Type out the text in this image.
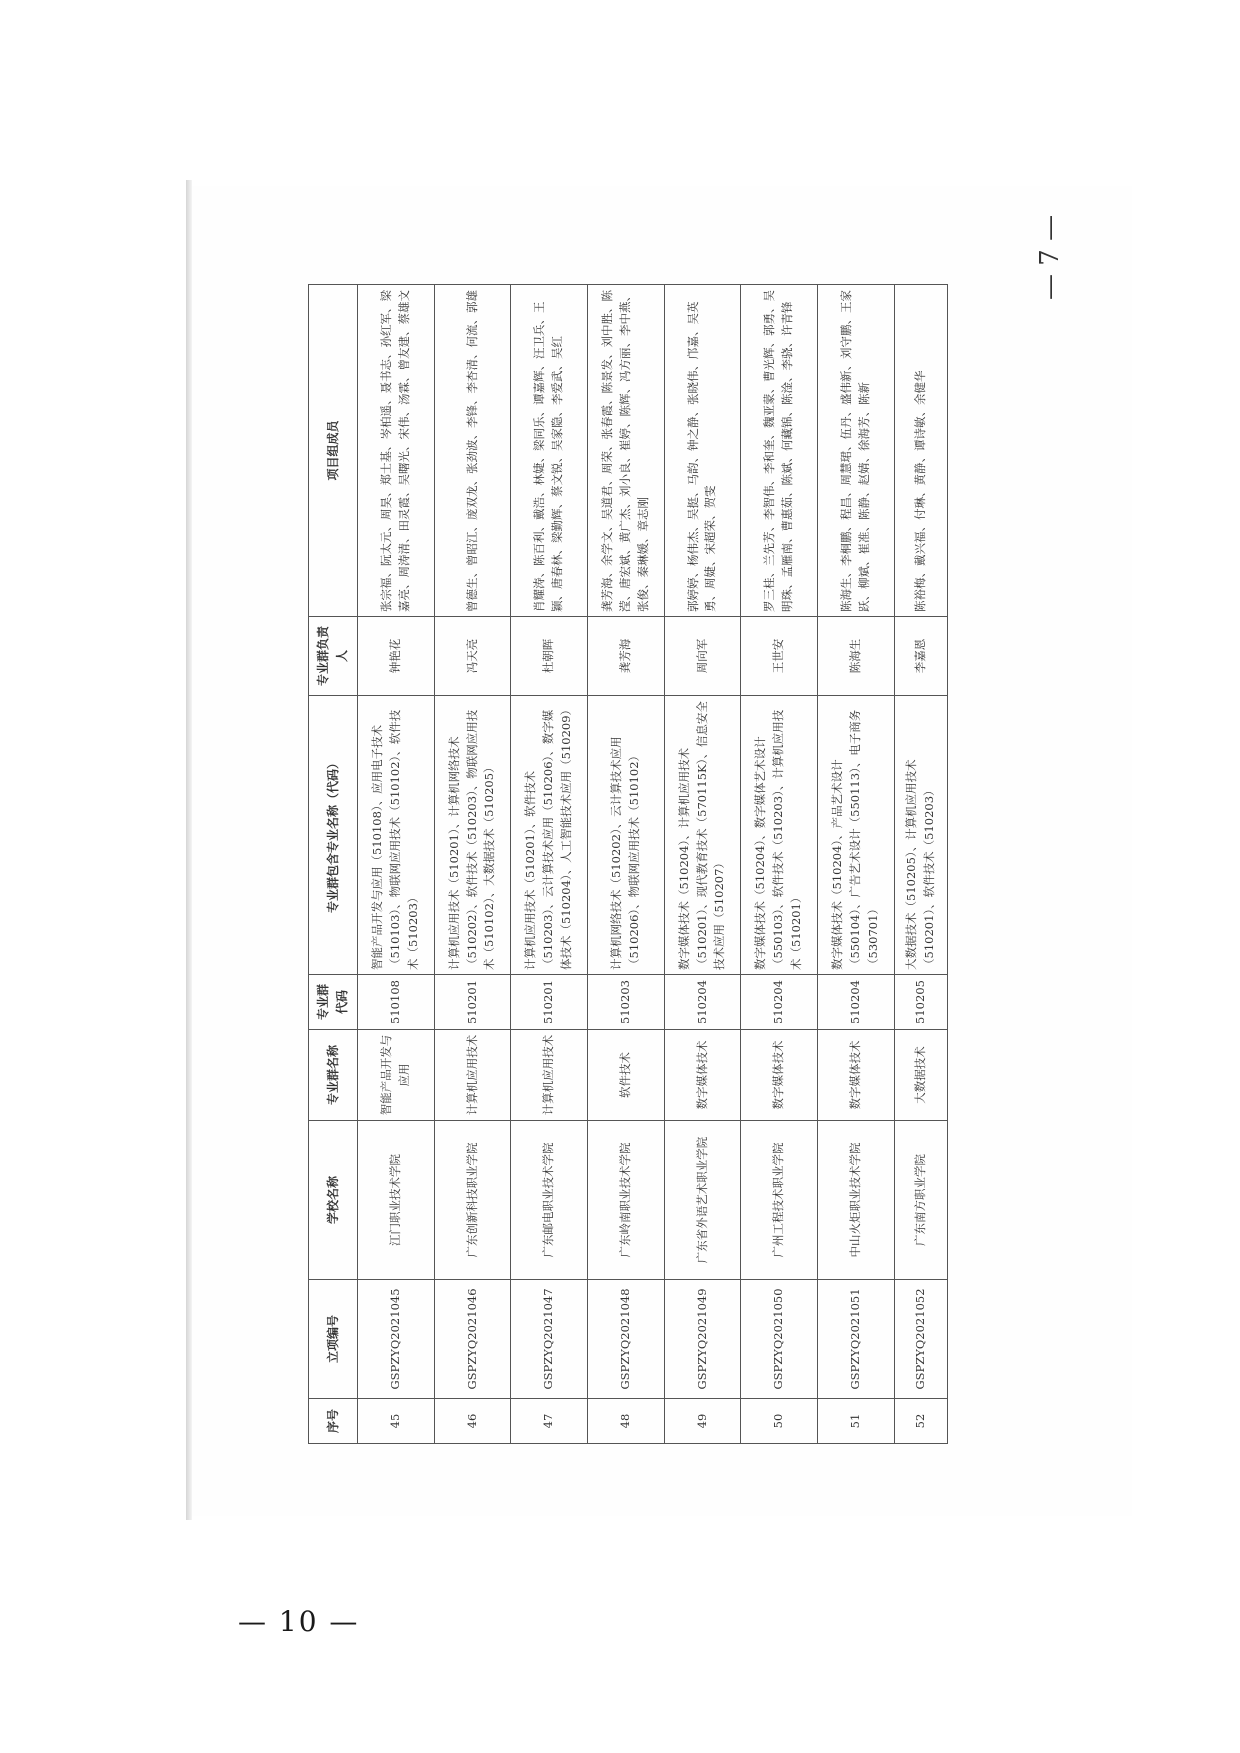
— 7 —
序号	立项编号	学校名称	专业群名称	专业群代码	专业群包含专业名称（代码）	专业群负责人	项目组成员
45	GSPZYQ2021045	江门职业技术学院	智能产品开发与应用	510108	智能产品开发与应用（510108）、应用电子技术（510103）、物联网应用技术（510102）、软件技术（510203）	钟艳花	张宗福、阮太元、周昊、郑士基、岑柏遥、聂书志、孙红军、梁嘉亮、周涛清、田灵霞、吴曙光、宋伟、汤霖、曾友建、蔡雄文
46	GSPZYQ2021046	广东创新科技职业学院	计算机应用技术	510201	计算机应用技术（510201）、计算机网络技术（510202）、软件技术（510203）、物联网应用技术（510102）、大数据技术（510205）	冯天亮	曾德生、曾昭江、庞双龙、张劲波、李锋、李杏清、何流、郭雄
47	GSPZYQ2021047	广东邮电职业技术学院	计算机应用技术	510201	计算机应用技术（510201）、软件技术（510203）、云计算技术应用（510206）、数字媒体技术（510204）、人工智能技术应用（510209）	杜朝晖	肖耀涛、陈百利、戴浩、林婕、梁同乐、谭嘉辉、汪卫兵、王颖、唐春林、梁勤辉、蔡文锐、吴家隐、李爱武、吴红
48	GSPZYQ2021048	广东岭南职业技术学院	软件技术	510203	计算机网络技术（510202）、云计算技术应用（510206）、物联网应用技术（510102）	龚芳海	龚芳海、余学文、吴道君、周荣、张春霞、陈景发、刘中胜、陈滢、唐宏斌、黄广杰、刘小良、崔婷、陈辉、冯方丽、李中燕、张俊、秦琳媛、章志刚
49	GSPZYQ2021049	广东省外语艺术职业学院	数字媒体技术	510204	数字媒体技术（510204）、计算机应用技术（510201）、现代教育技术（570115K）、信息安全技术应用（510207）	周向军	郭婷婷、杨伟杰、吴挺、马韵、钟之静、张晓伟、邝嘉、吴英勇、周婕、宋超荣、贺雯
50	GSPZYQ2021050	广州工程技术职业学院	数字媒体技术	510204	数字媒体技术（510204）、数字媒体艺术设计（550103）、软件技术（510203）、计算机应用技术（510201）	王世安	罗三桂、兰先芳、李智伟、李和奎、魏亚蒙、曹光辉、郭勇、吴明珠、孟雁南、曹惠茹、陈斌、何藏锦、陈淦、李骁、许青锋
51	GSPZYQ2021051	中山火炬职业技术学院	数字媒体技术	510204	数字媒体技术（510204）、产品艺术设计（550104）、广告艺术设计（550113）、电子商务（530701）	陈海生	陈海生、李桐鹏、程昌、周慧珺、伍丹、盛伟新、刘守鹏、王家跃、柳斌、崔准、陈静、赵婧、徐海芳、陈新
52	GSPZYQ2021052	广东南方职业学院	大数据技术	510205	大数据技术（510205）、计算机应用技术（510201）、软件技术（510203）	李嘉恩	陈裕梅、戴兴福、付琳、黄静、谭诗敏、余健华
— 10 —
